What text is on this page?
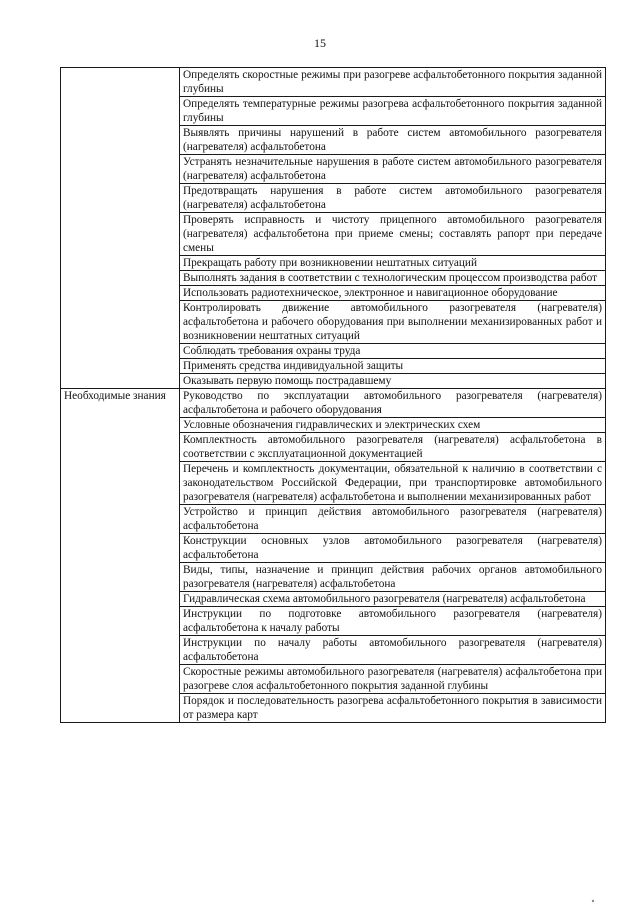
15
	Определять скоростные режимы при разогреве асфальтобетонного покрытия заданной глубины
	Определять температурные режимы разогрева асфальтобетонного покрытия заданной глубины
	Выявлять причины нарушений в работе систем автомобильного разогревателя (нагревателя) асфальтобетона
	Устранять незначительные нарушения в работе систем автомобильного разогревателя (нагревателя) асфальтобетона
	Предотвращать нарушения в работе систем автомобильного разогревателя (нагревателя) асфальтобетона
	Проверять исправность и чистоту прицепного автомобильного разогревателя (нагревателя) асфальтобетона при приеме смены; составлять рапорт при передаче смены
	Прекращать работу при возникновении нештатных ситуаций
	Выполнять задания в соответствии с технологическим процессом производства работ
	Использовать радиотехническое, электронное и навигационное оборудование
	Контролировать движение автомобильного разогревателя (нагревателя) асфальтобетона и рабочего оборудования при выполнении механизированных работ и возникновении нештатных ситуаций
	Соблюдать требования охраны труда
	Применять средства индивидуальной защиты
	Оказывать первую помощь пострадавшему
Необходимые знания	Руководство по эксплуатации автомобильного разогревателя (нагревателя) асфальтобетона и рабочего оборудования
	Условные обозначения гидравлических и электрических схем
	Комплектность автомобильного разогревателя (нагревателя) асфальтобетона в соответствии с эксплуатационной документацией
	Перечень и комплектность документации, обязательной к наличию в соответствии с законодательством Российской Федерации, при транспортировке автомобильного разогревателя (нагревателя) асфальтобетона и выполнении механизированных работ
	Устройство и принцип действия автомобильного разогревателя (нагревателя) асфальтобетона
	Конструкции основных узлов автомобильного разогревателя (нагревателя) асфальтобетона
	Виды, типы, назначение и принцип действия рабочих органов автомобильного разогревателя (нагревателя) асфальтобетона
	Гидравлическая схема автомобильного разогревателя (нагревателя) асфальтобетона
	Инструкции по подготовке автомобильного разогревателя (нагревателя) асфальтобетона к началу работы
	Инструкции по началу работы автомобильного разогревателя (нагревателя) асфальтобетона
	Скоростные режимы автомобильного разогревателя (нагревателя) асфальтобетона при разогреве слоя асфальтобетонного покрытия заданной глубины
	Порядок и последовательность разогрева асфальтобетонного покрытия в зависимости от размера карт
